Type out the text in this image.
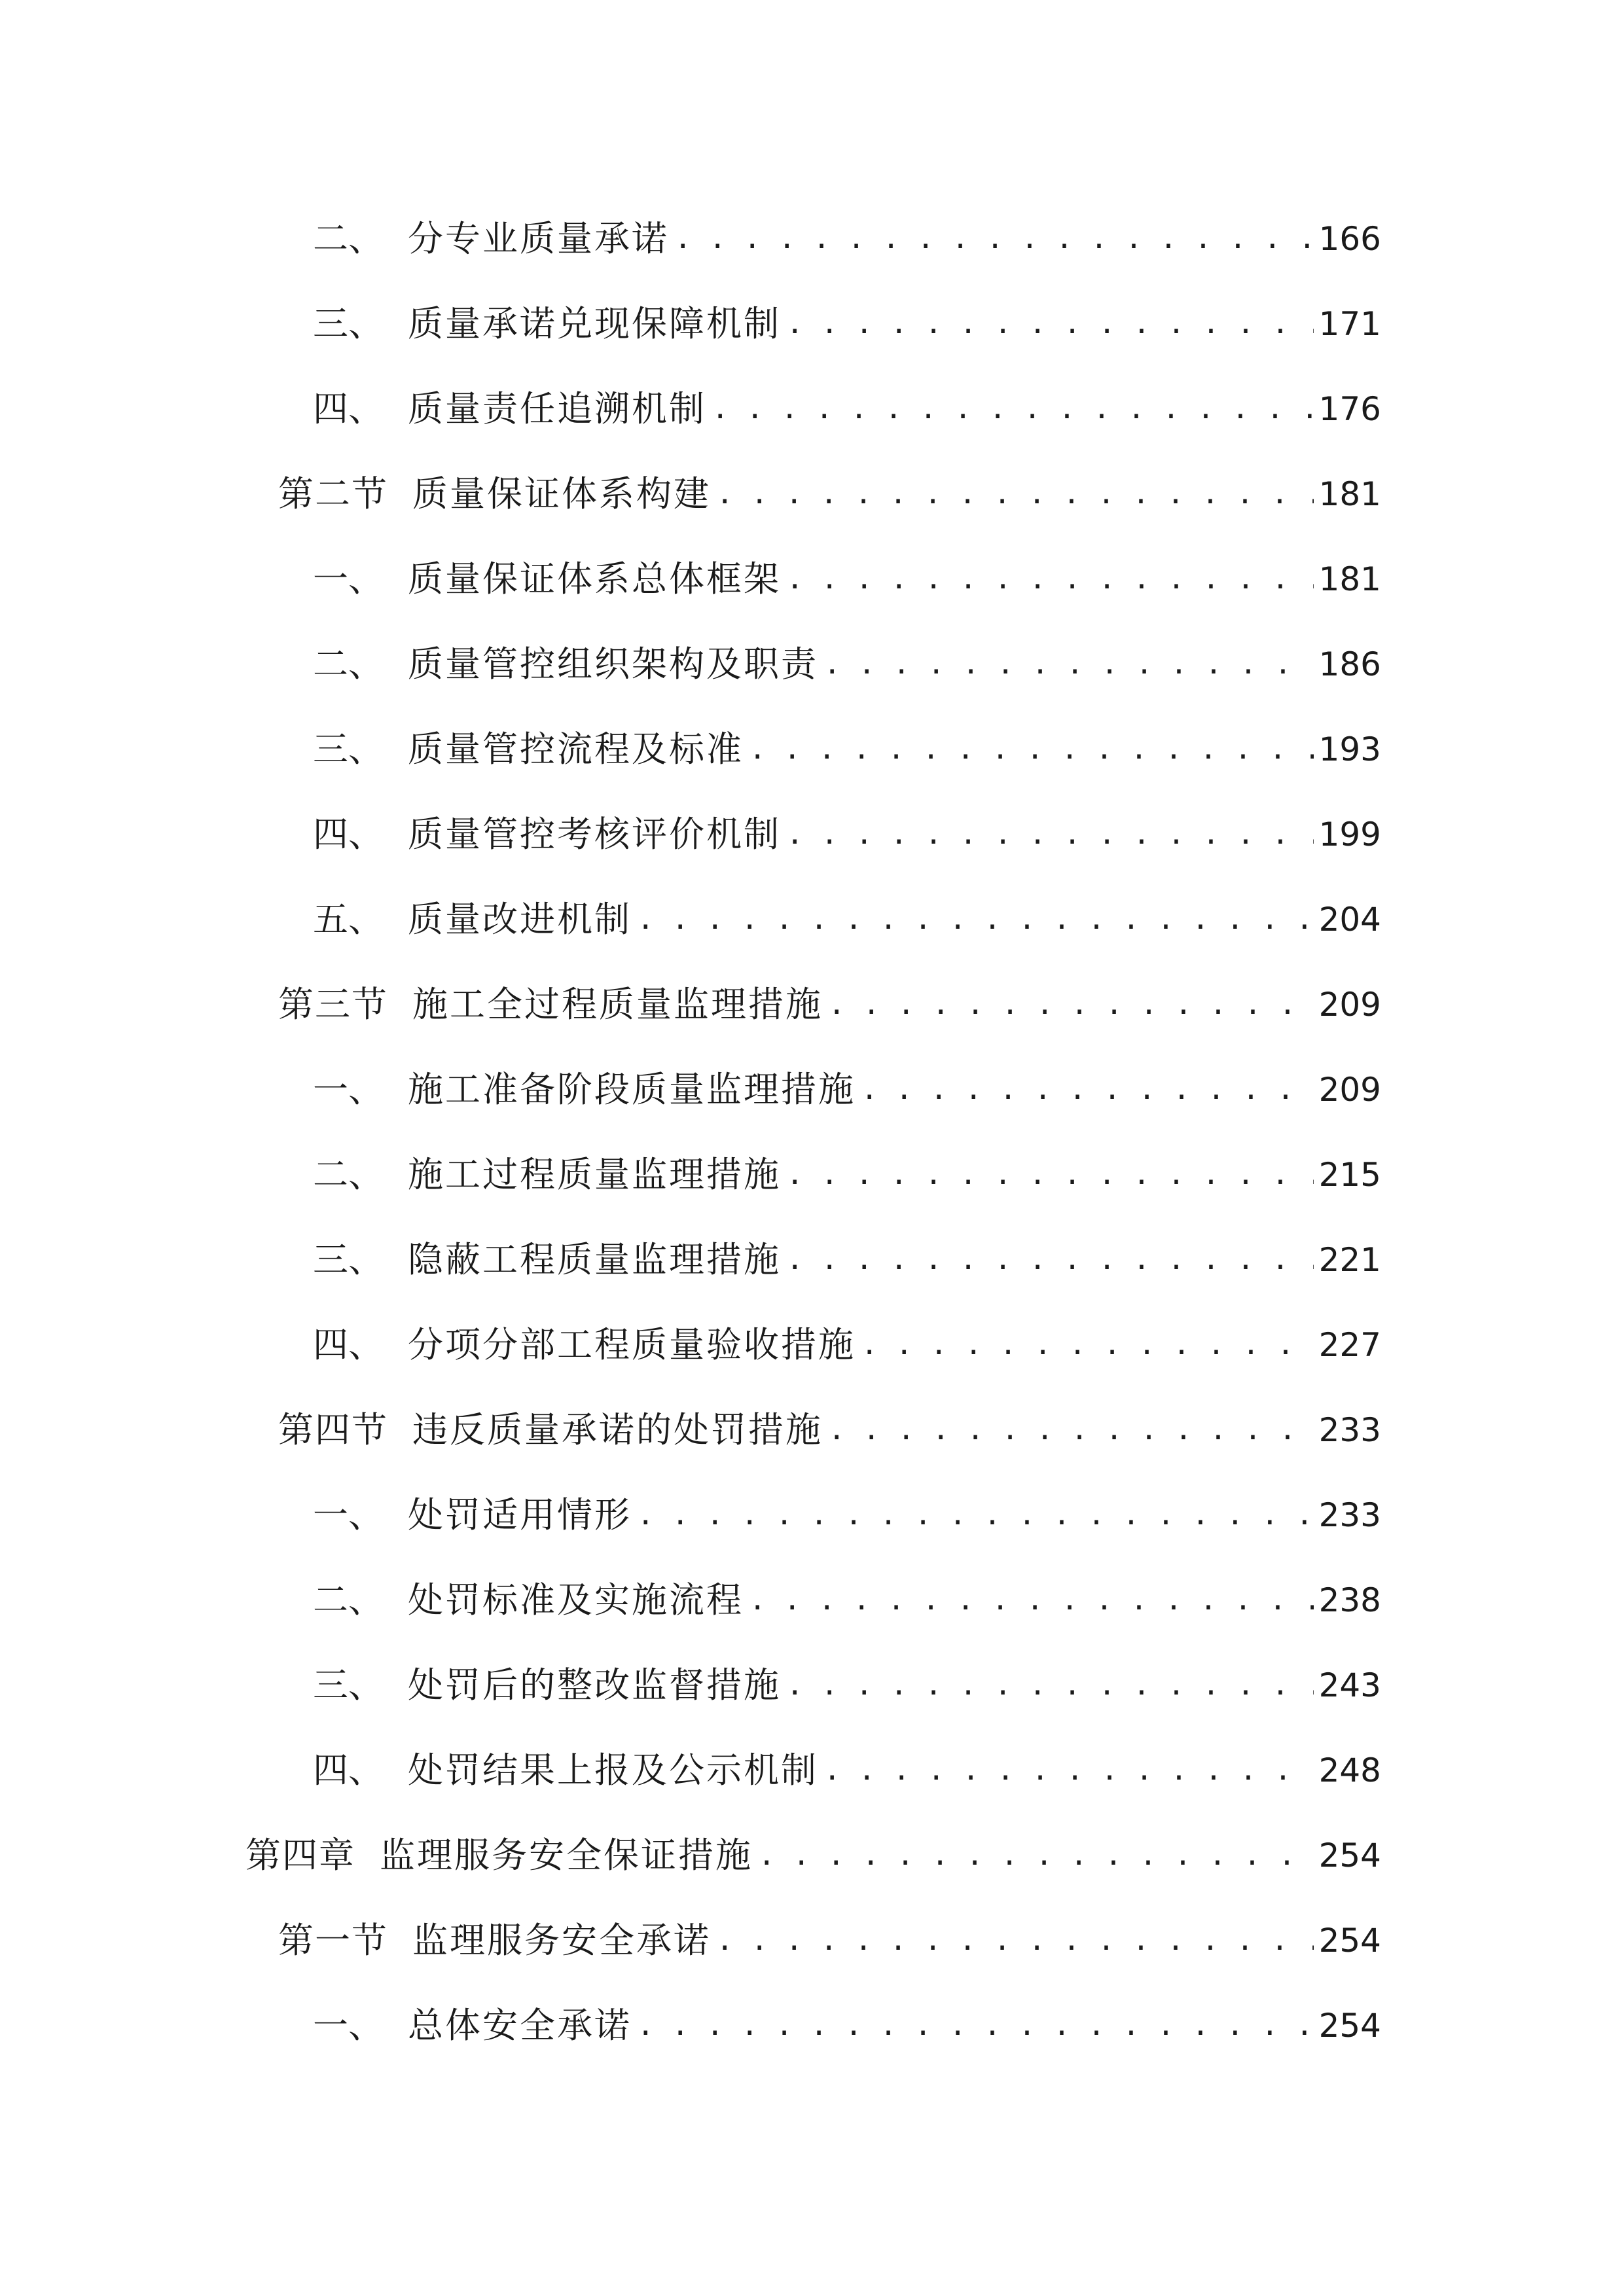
二、 分专业质量承诺 . . .	166
三、 质量承诺兑现保障机制 . . .	171
四、 质量责任追溯机制 . . .	176
第二节 质量保证体系构建 . . .	181
一、 质量保证体系总体框架 . . .	181
二、 质量管控组织架构及职责 . . .	186
三、 质量管控流程及标准 . . .	193
四、 质量管控考核评价机制 . . .	199
五、 质量改进机制 . . .	204
第三节 施工全过程质量监理措施 . . .	209
一、 施工准备阶段质量监理措施 . . .	209
二、 施工过程质量监理措施 . . .	215
三、 隐蔽工程质量监理措施 . . .	221
四、 分项分部工程质量验收措施 . . .	227
第四节 违反质量承诺的处罚措施 . . .	233
一、 处罚适用情形 . . .	233
二、 处罚标准及实施流程 . . .	238
三、 处罚后的整改监督措施 . . .	243
四、 处罚结果上报及公示机制 . . .	248
第四章 监理服务安全保证措施 . . .	254
第一节 监理服务安全承诺 . . .	254
一、 总体安全承诺 . . .	254
